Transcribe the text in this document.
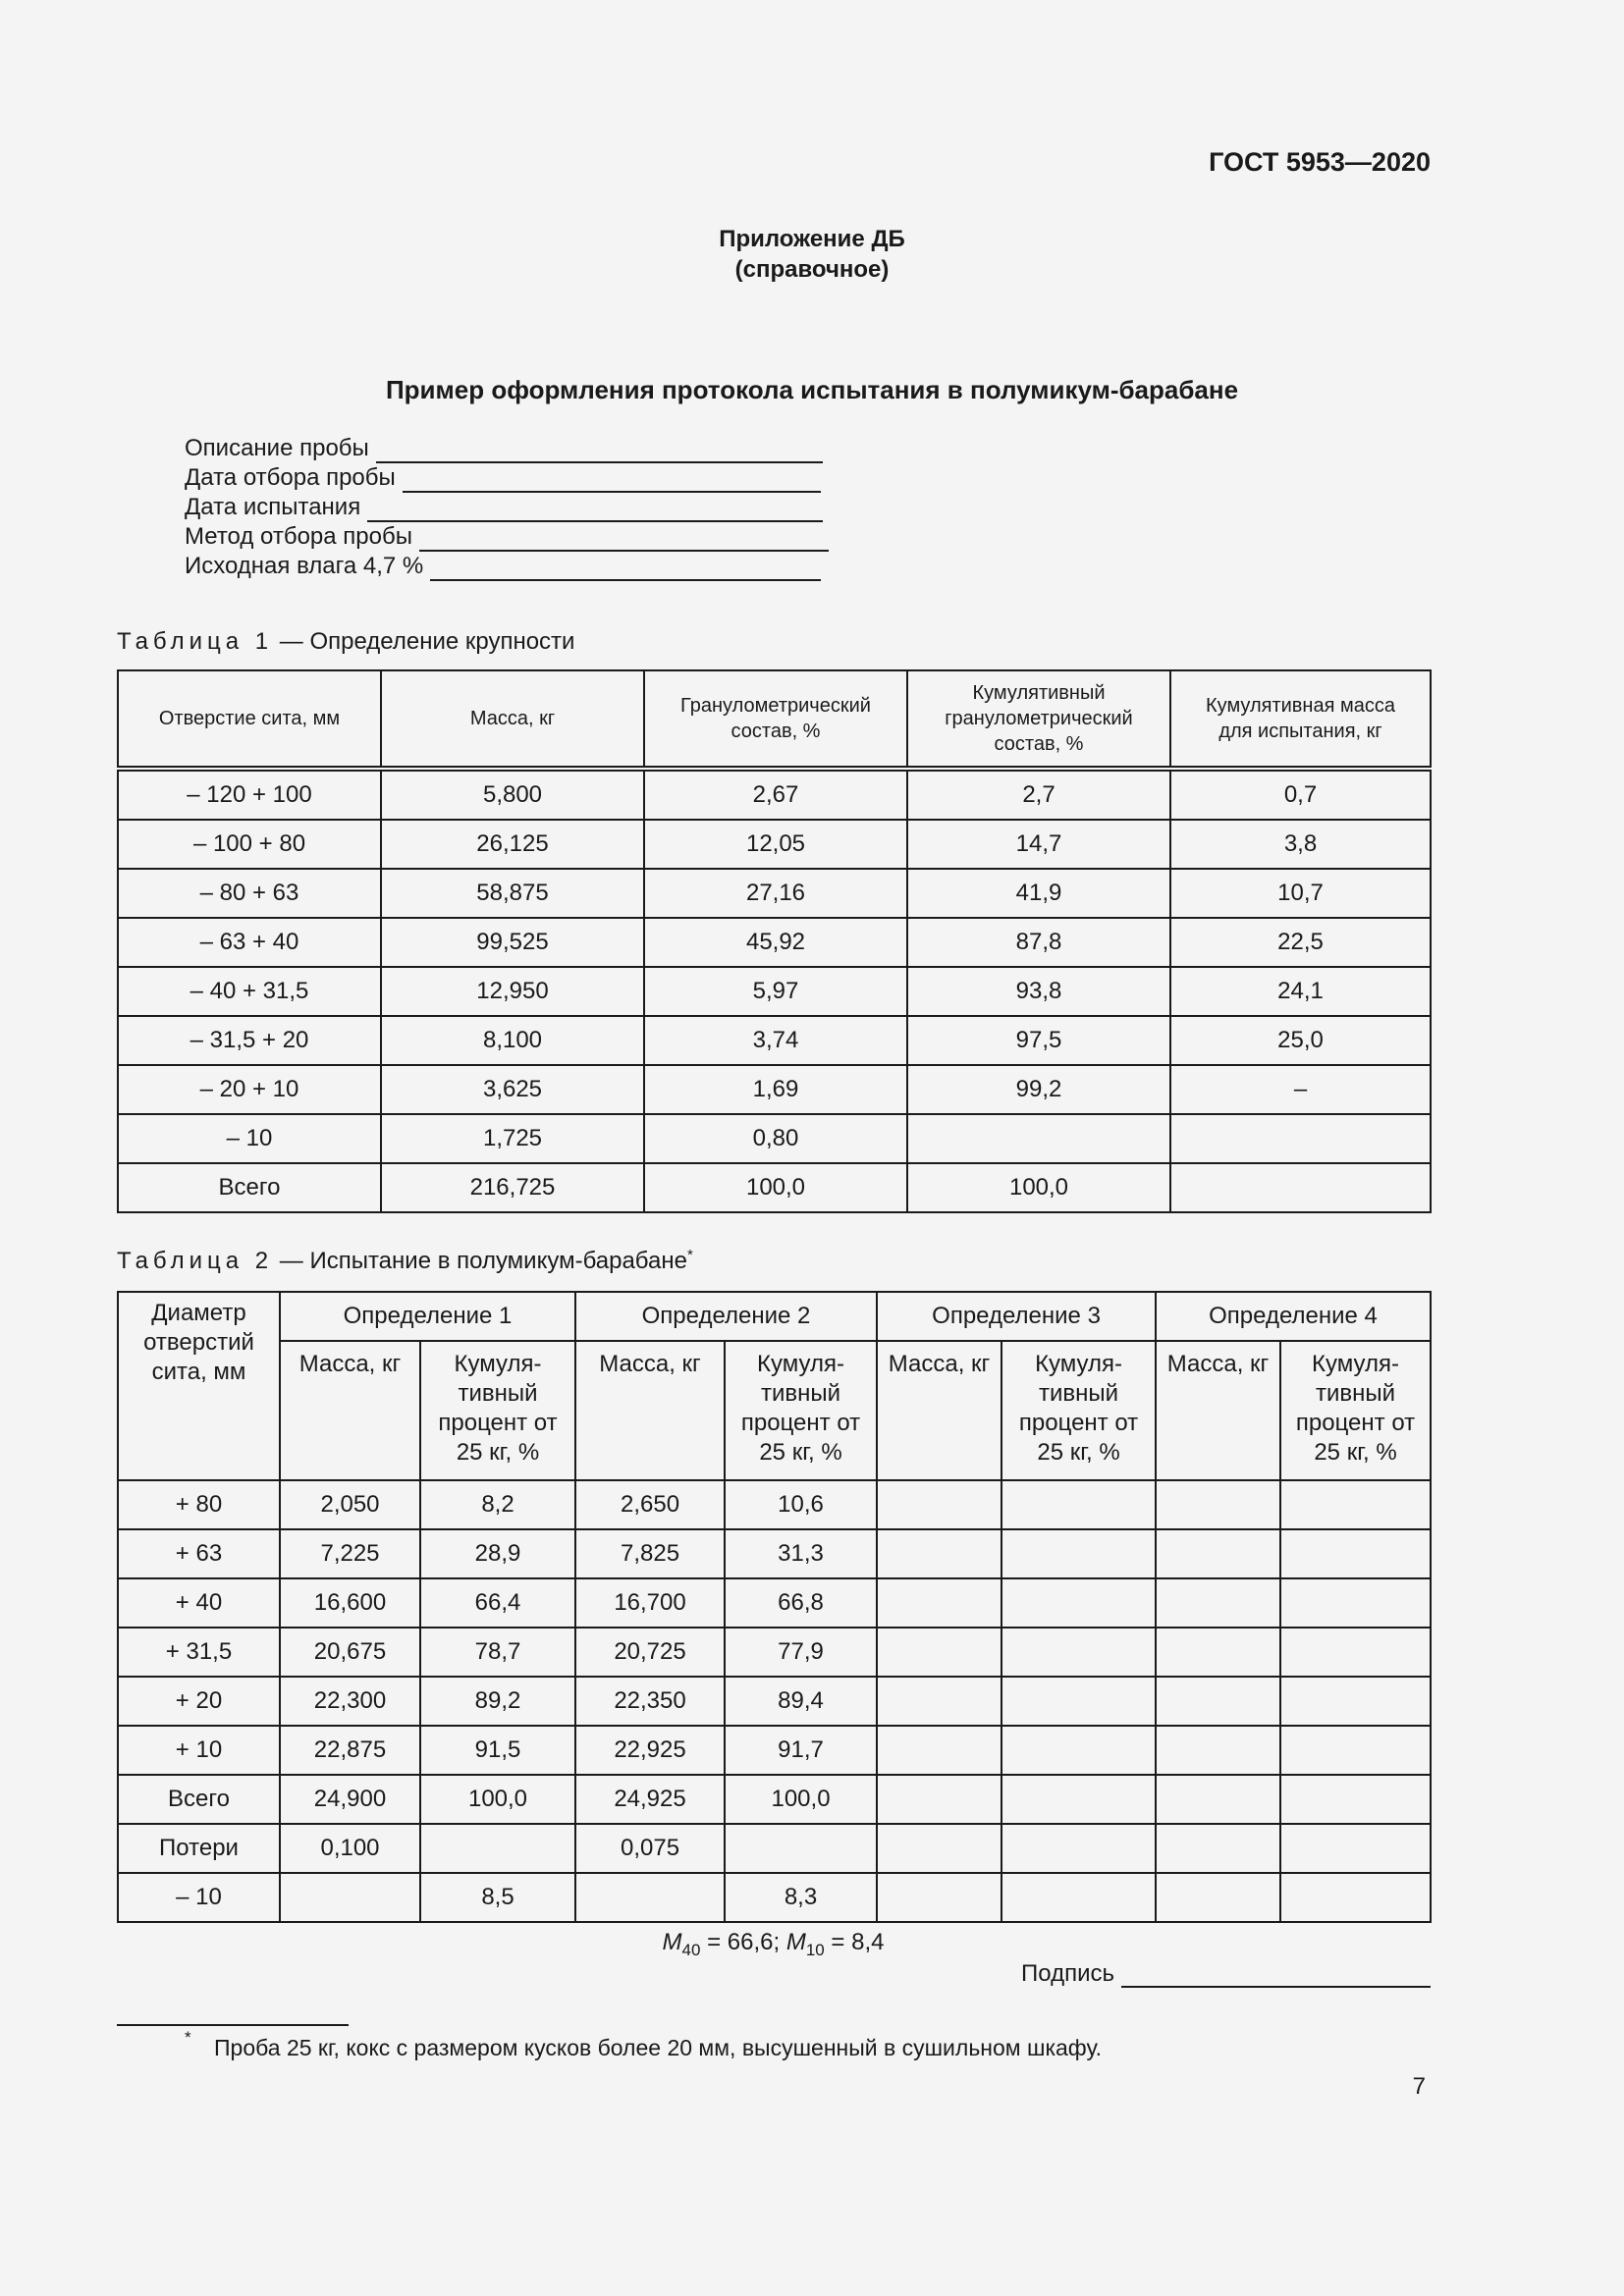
ГОСТ 5953—2020
Приложение ДБ
(справочное)
Пример оформления протокола испытания в полумикум-барабане
Описание пробы
Дата отбора пробы
Дата испытания
Метод отбора пробы
Исходная влага 4,7 %
Таблица 1 — Определение крупности
Отверстие сита, мм	Масса, кг	Гранулометрический состав, %	Кумулятивный гранулометрический состав, %	Кумулятивная масса для испытания, кг
– 120 + 100	5,800	2,67	2,7	0,7
– 100 + 80	26,125	12,05	14,7	3,8
– 80 + 63	58,875	27,16	41,9	10,7
– 63 + 40	99,525	45,92	87,8	22,5
– 40 + 31,5	12,950	5,97	93,8	24,1
– 31,5 + 20	8,100	3,74	97,5	25,0
– 20 + 10	3,625	1,69	99,2	–
– 10	1,725	0,80		
Всего	216,725	100,0	100,0	
Таблица 2 — Испытание в полумикум-барабане*
Диаметр отверстий сита, мм	Определение 1		Определение 2		Определение 3		Определение 4	
	Масса, кг	Кумуля-тивный процент от 25 кг, %	Масса, кг	Кумуля-тивный процент от 25 кг, %	Масса, кг	Кумуля-тивный процент от 25 кг, %	Масса, кг	Кумуля-тивный процент от 25 кг, %
+ 80	2,050	8,2	2,650	10,6				
+ 63	7,225	28,9	7,825	31,3				
+ 40	16,600	66,4	16,700	66,8				
+ 31,5	20,675	78,7	20,725	77,9				
+ 20	22,300	89,2	22,350	89,4				
+ 10	22,875	91,5	22,925	91,7				
Всего	24,900	100,0	24,925	100,0				
Потери	0,100		0,075					
– 10		8,5		8,3				
$M_{40} = 66,6$; $M_{10} = 8,4$
Подпись
* Проба 25 кг, кокс с размером кусков более 20 мм, высушенный в сушильном шкафу.
7
